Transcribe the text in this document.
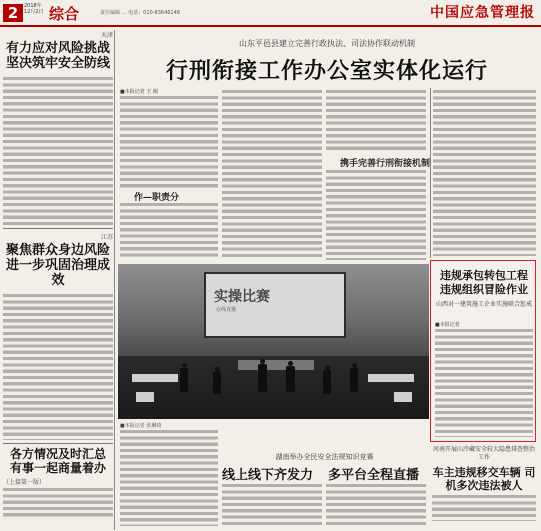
2	2018年 12月2日 综合	责任编辑 … 电话：010-83646148	中国应急管理报
天津
有力应对风险挑战 坚决筑牢安全防线
江苏
聚焦群众身边风险 进一步巩固治理成效
各方情况及时汇总 有事一起商量着办
（上接第一版）
山东平邑县建立完善行政执法、司法协作联动机制
行刑衔接工作办公室实体化运行
■本报记者 王 刚
作—职责分
携手完善行刑衔接机制
实操比赛
在线直播
■本报记者 张琳琦
湖南举办全民安全法规知识竞赛
线上线下齐发力 多平台全程直播
违规承包转包工程 违规组织冒险作业
山西对一建筑施工企业实施联合惩戒
■本报记者
河南开展山冷藏安全较大隐患排查整治工作
车主违规移交车辆 司机多次违法被人
